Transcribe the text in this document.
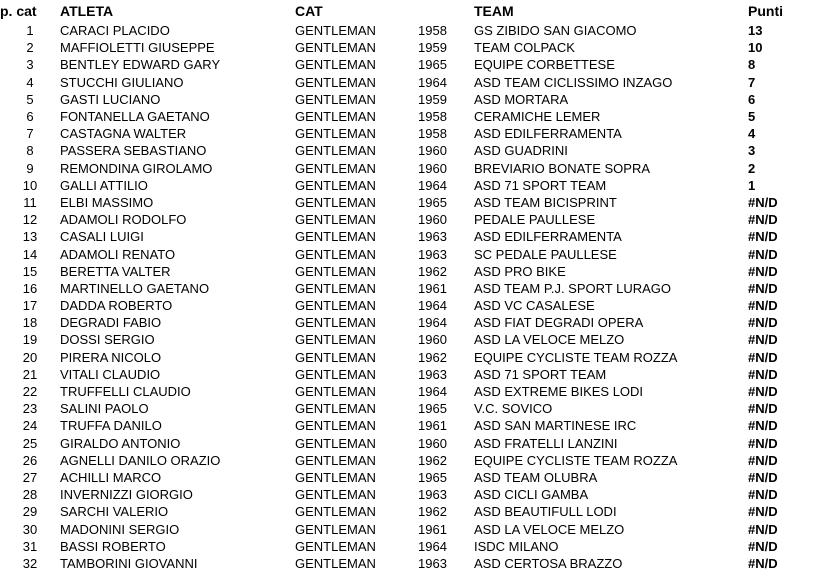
p. cat	ATLETA	CAT		TEAM	Punti
1	CARACI PLACIDO	GENTLEMAN	1958	GS ZIBIDO SAN GIACOMO	13
2	MAFFIOLETTI GIUSEPPE	GENTLEMAN	1959	TEAM COLPACK	10
3	BENTLEY EDWARD GARY	GENTLEMAN	1965	EQUIPE CORBETTESE	8
4	STUCCHI GIULIANO	GENTLEMAN	1964	ASD TEAM CICLISSIMO INZAGO	7
5	GASTI LUCIANO	GENTLEMAN	1959	ASD MORTARA	6
6	FONTANELLA GAETANO	GENTLEMAN	1958	CERAMICHE LEMER	5
7	CASTAGNA WALTER	GENTLEMAN	1958	ASD EDILFERRAMENTA	4
8	PASSERA SEBASTIANO	GENTLEMAN	1960	ASD GUADRINI	3
9	REMONDINA GIROLAMO	GENTLEMAN	1960	BREVIARIO BONATE SOPRA	2
10	GALLI ATTILIO	GENTLEMAN	1964	ASD 71 SPORT TEAM	1
11	ELBI MASSIMO	GENTLEMAN	1965	ASD TEAM BICISPRINT	#N/D
12	ADAMOLI RODOLFO	GENTLEMAN	1960	PEDALE PAULLESE	#N/D
13	CASALI LUIGI	GENTLEMAN	1963	ASD EDILFERRAMENTA	#N/D
14	ADAMOLI RENATO	GENTLEMAN	1963	SC PEDALE PAULLESE	#N/D
15	BERETTA VALTER	GENTLEMAN	1962	ASD PRO BIKE	#N/D
16	MARTINELLO GAETANO	GENTLEMAN	1961	ASD TEAM P.J. SPORT LURAGO	#N/D
17	DADDA ROBERTO	GENTLEMAN	1964	ASD VC CASALESE	#N/D
18	DEGRADI FABIO	GENTLEMAN	1964	ASD FIAT DEGRADI OPERA	#N/D
19	DOSSI SERGIO	GENTLEMAN	1960	ASD LA VELOCE MELZO	#N/D
20	PIRERA NICOLO	GENTLEMAN	1962	EQUIPE CYCLISTE TEAM ROZZA	#N/D
21	VITALI CLAUDIO	GENTLEMAN	1963	ASD 71 SPORT TEAM	#N/D
22	TRUFFELLI CLAUDIO	GENTLEMAN	1964	ASD EXTREME BIKES LODI	#N/D
23	SALINI PAOLO	GENTLEMAN	1965	V.C. SOVICO	#N/D
24	TRUFFA DANILO	GENTLEMAN	1961	ASD SAN MARTINESE IRC	#N/D
25	GIRALDO ANTONIO	GENTLEMAN	1960	ASD FRATELLI LANZINI	#N/D
26	AGNELLI DANILO ORAZIO	GENTLEMAN	1962	EQUIPE CYCLISTE TEAM ROZZA	#N/D
27	ACHILLI MARCO	GENTLEMAN	1965	ASD TEAM OLUBRA	#N/D
28	INVERNIZZI GIORGIO	GENTLEMAN	1963	ASD CICLI GAMBA	#N/D
29	SARCHI VALERIO	GENTLEMAN	1962	ASD BEAUTIFULL LODI	#N/D
30	MADONINI SERGIO	GENTLEMAN	1961	ASD LA VELOCE MELZO	#N/D
31	BASSI ROBERTO	GENTLEMAN	1964	ISDC MILANO	#N/D
32	TAMBORINI GIOVANNI	GENTLEMAN	1963	ASD CERTOSA BRAZZO	#N/D
